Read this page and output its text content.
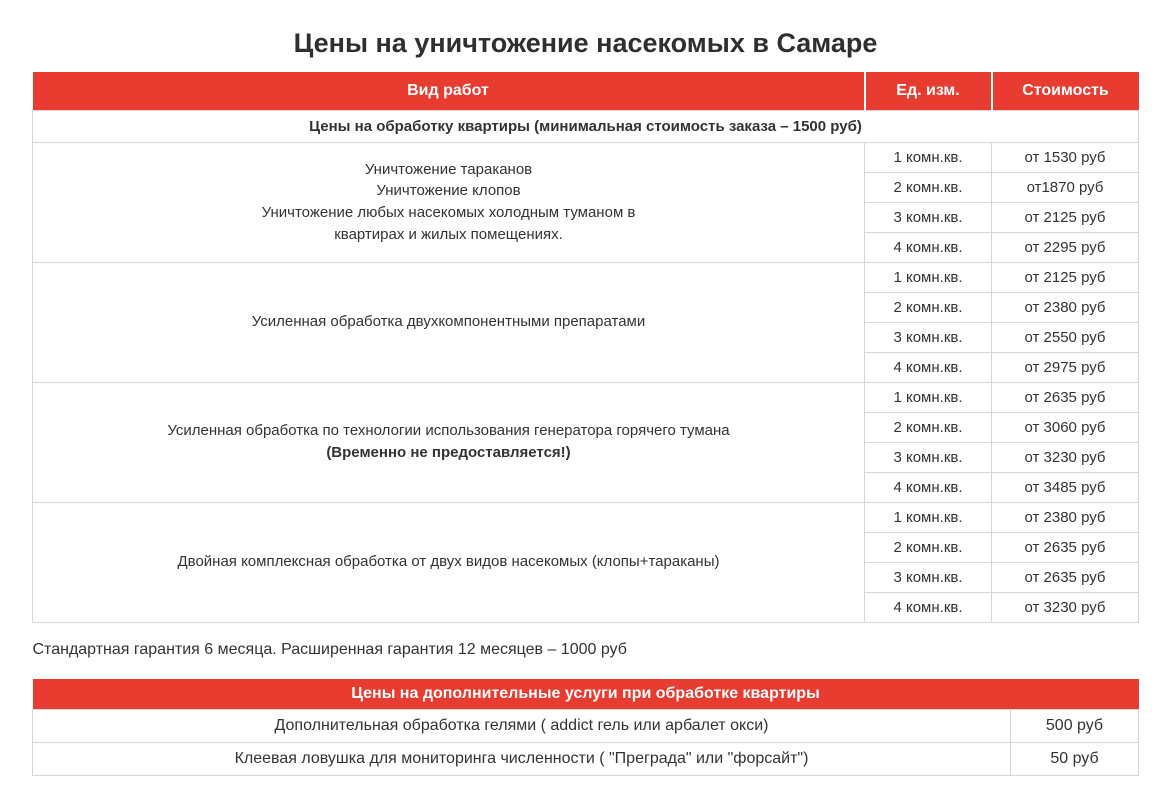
Цены на уничтожение насекомых в Самаре
Вид работ	Ед. изм.	Стоимость
Цены на обработку квартиры (минимальная стоимость заказа – 1500 руб)		

Уничтожение тараканов
Уничтожение клопов
Уничтожение любых насекомых холодным туманом в
квартирах и жилых помещениях.	1 комн.кв.	от 1530 руб
	2 комн.кв.	от1870 руб
	3 комн.кв.	от 2125 руб
	4 комн.кв.	от 2295 руб

Усиленная обработка двухкомпонентными препаратами	1 комн.кв.	от 2125 руб
	2 комн.кв.	от 2380 руб
	3 комн.кв.	от 2550 руб
	4 комн.кв.	от 2975 руб

Усиленная обработка по технологии использования генератора горячего тумана
(Временно не предоставляется!)	1 комн.кв.	от 2635 руб
	2 комн.кв.	от 3060 руб
	3 комн.кв.	от 3230 руб
	4 комн.кв.	от 3485 руб

Двойная комплексная обработка от двух видов насекомых (клопы+тараканы)	1 комн.кв.	от 2380 руб
	2 комн.кв.	от 2635 руб
	3 комн.кв.	от 2635 руб
	4 комн.кв.	от 3230 руб

Стандартная гарантия 6 месяца. Расширенная гарантия 12 месяцев – 1000 руб

Цены на дополнительные услуги при обработке квартиры	
Дополнительная обработка гелями ( addict гель или арбалет окси)	500 руб
Клеевая ловушка для мониторинга численности ( "Преграда" или "форсайт")	50 руб
